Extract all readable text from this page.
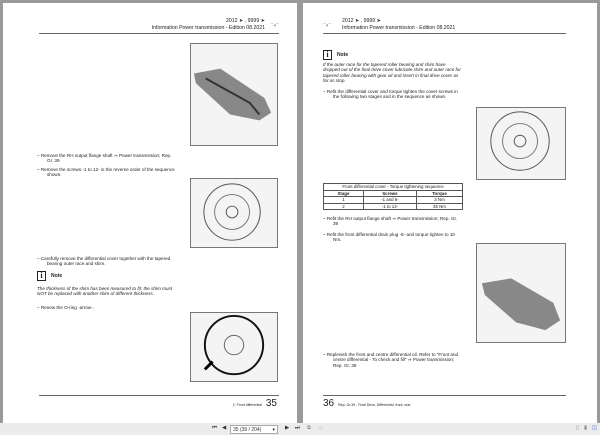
2012 ➤ , 9999 ➤
Information Power transmission - Edition 08.2021 ⌒◈⌒
– Remove the RH output flange shaft ⇒ Power transmission; Rep. Gr. 39
– Remove the screws -1 to 12- in the reverse order of the sequence shown.
– Carefully remove the differential cover together with the tapered bearing outer race and shim.
i	Note
The thickness of the shim has been measured to fit: the shim must NOT be replaced with another shim of different thickness.
– Renew the O-ring -arrow-.
2. Front differential 35
⌒◈⌒
2012 ➤ , 9999 ➤
Information Power transmission - Edition 08.2021
i	Note
If the outer race for the tapered roller bearing and shim have dropped out of the final drive cover lubricate shim and outer race for tapered roller bearing with gear oil and insert in final drive cover as far as stop.
– Refit the differential cover and torque tighten the cover screws in the following two stages and in the sequence as shown.
Front differential cover - Torque tightening sequence		
Stage	Screws	Torque
1	-1 and 6-	3 Nm
2	-1 to 12-	35 Nm
– Refit the RH output flange shaft ⇒ Power transmission; Rep. Gr. 39
– Refit the front differential drain plug -6- and torque tighten to 10 Nm.
– Replenish the front and centre differential oil. Refer to "Front and centre differential - To check and fill" ⇒ Power transmission; Rep. Gr. 39
36 Rep. Gr.39 - Final Drive, Differential, front, rear
⏮ ◀	35 (39 / 204) ▾ ▶ ⏭ ⧉ ▭	▯ ▮ ◫
